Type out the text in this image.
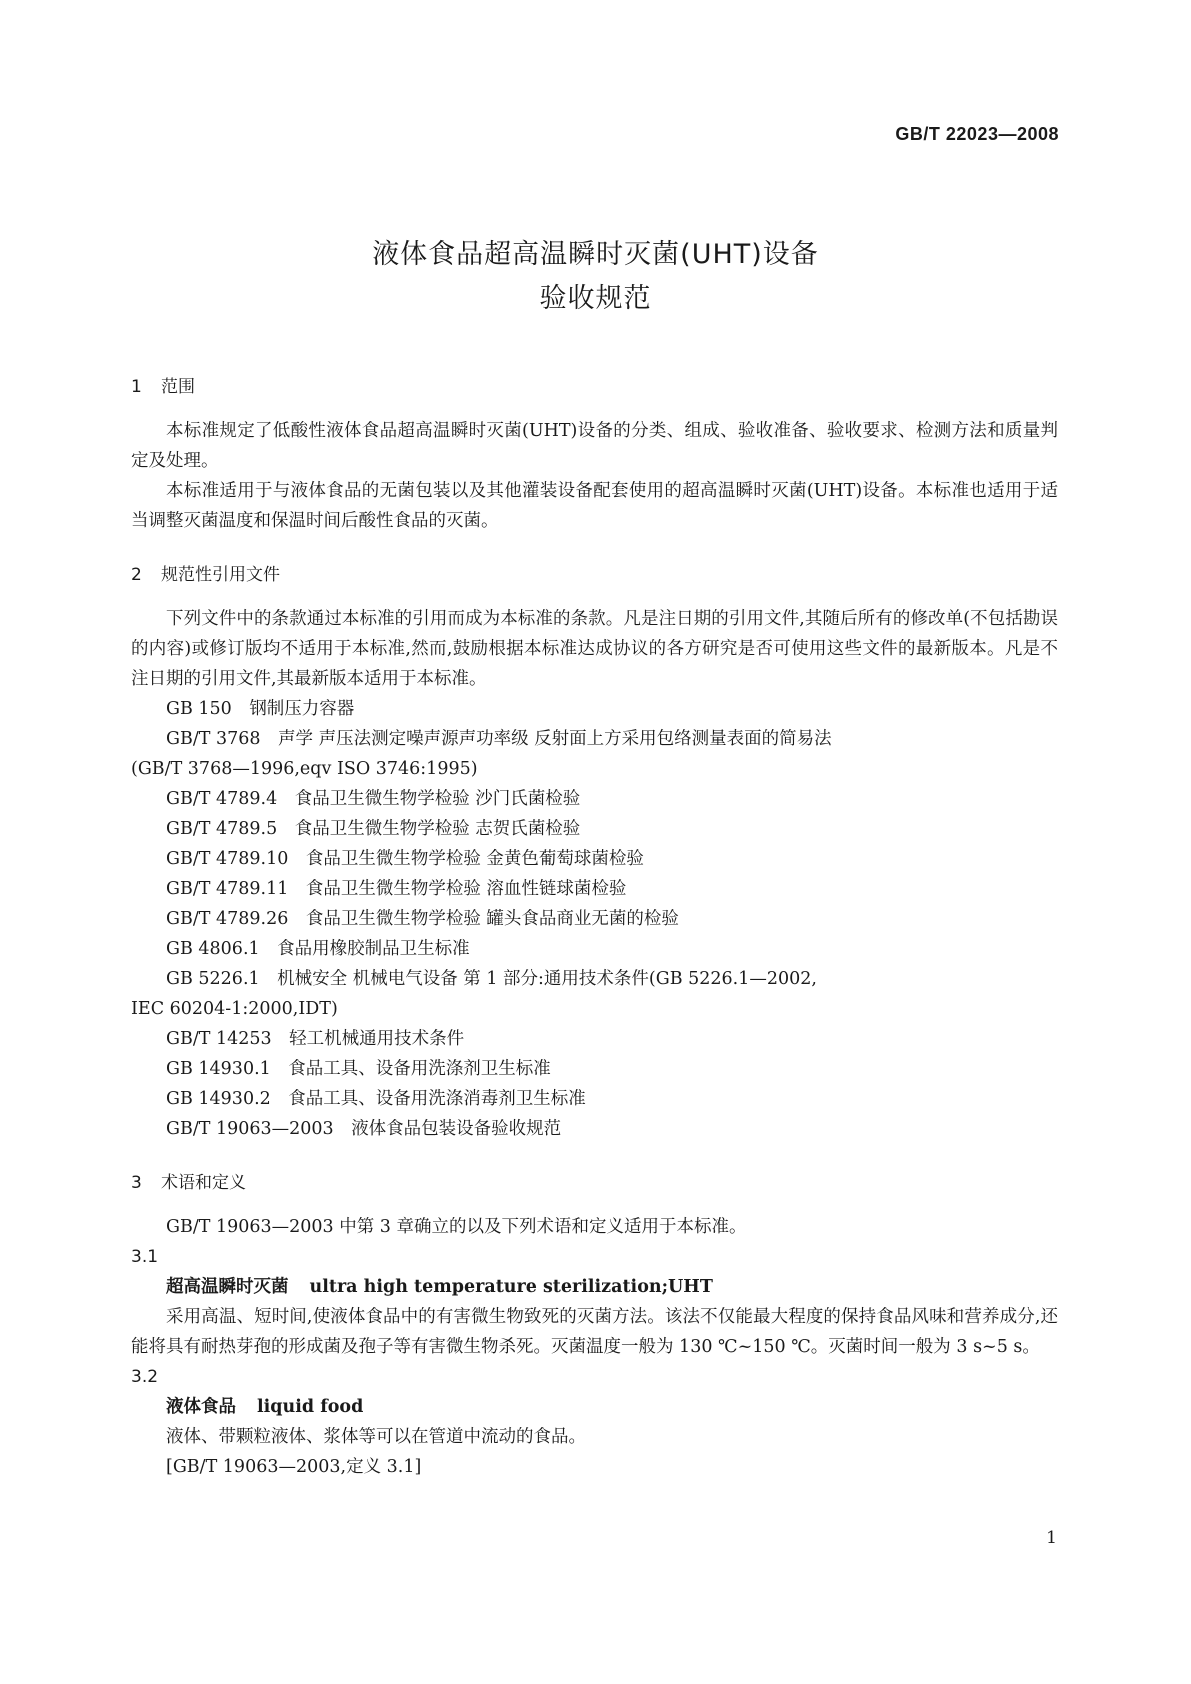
GB/T 22023—2008
液体食品超高温瞬时灭菌(UHT)设备
验收规范
1 范围

本标准规定了低酸性液体食品超高温瞬时灭菌(UHT)设备的分类、组成、验收准备、验收要求、检测方法和质量判定及处理。

本标准适用于与液体食品的无菌包装以及其他灌装设备配套使用的超高温瞬时灭菌(UHT)设备。本标准也适用于适当调整灭菌温度和保温时间后酸性食品的灭菌。

2 规范性引用文件

下列文件中的条款通过本标准的引用而成为本标准的条款。凡是注日期的引用文件,其随后所有的修改单(不包括勘误的内容)或修订版均不适用于本标准,然而,鼓励根据本标准达成协议的各方研究是否可使用这些文件的最新版本。凡是不注日期的引用文件,其最新版本适用于本标准。

GB 150 钢制压力容器
GB/T 3768 声学 声压法测定噪声源声功率级 反射面上方采用包络测量表面的简易法

(GB/T 3768—1996,eqv ISO 3746:1995)

GB/T 4789.4 食品卫生微生物学检验 沙门氏菌检验
GB/T 4789.5 食品卫生微生物学检验 志贺氏菌检验
GB/T 4789.10 食品卫生微生物学检验 金黄色葡萄球菌检验
GB/T 4789.11 食品卫生微生物学检验 溶血性链球菌检验
GB/T 4789.26 食品卫生微生物学检验 罐头食品商业无菌的检验
GB 4806.1 食品用橡胶制品卫生标准
GB 5226.1 机械安全 机械电气设备 第 1 部分:通用技术条件(GB 5226.1—2002,

IEC 60204-1:2000,IDT)

GB/T 14253 轻工机械通用技术条件
GB 14930.1 食品工具、设备用洗涤剂卫生标准
GB 14930.2 食品工具、设备用洗涤消毒剂卫生标准
GB/T 19063—2003 液体食品包装设备验收规范
3 术语和定义

GB/T 19063—2003 中第 3 章确立的以及下列术语和定义适用于本标准。

3.1
超高温瞬时灭菌 ultra high temperature sterilization;UHT

采用高温、短时间,使液体食品中的有害微生物致死的灭菌方法。该法不仅能最大程度的保持食品风味和营养成分,还能将具有耐热芽孢的形成菌及孢子等有害微生物杀死。灭菌温度一般为 130 ℃~150 ℃。灭菌时间一般为 3 s~5 s。

3.2
液体食品 liquid food

液体、带颗粒液体、浆体等可以在管道中流动的食品。

[GB/T 19063—2003,定义 3.1]

1
